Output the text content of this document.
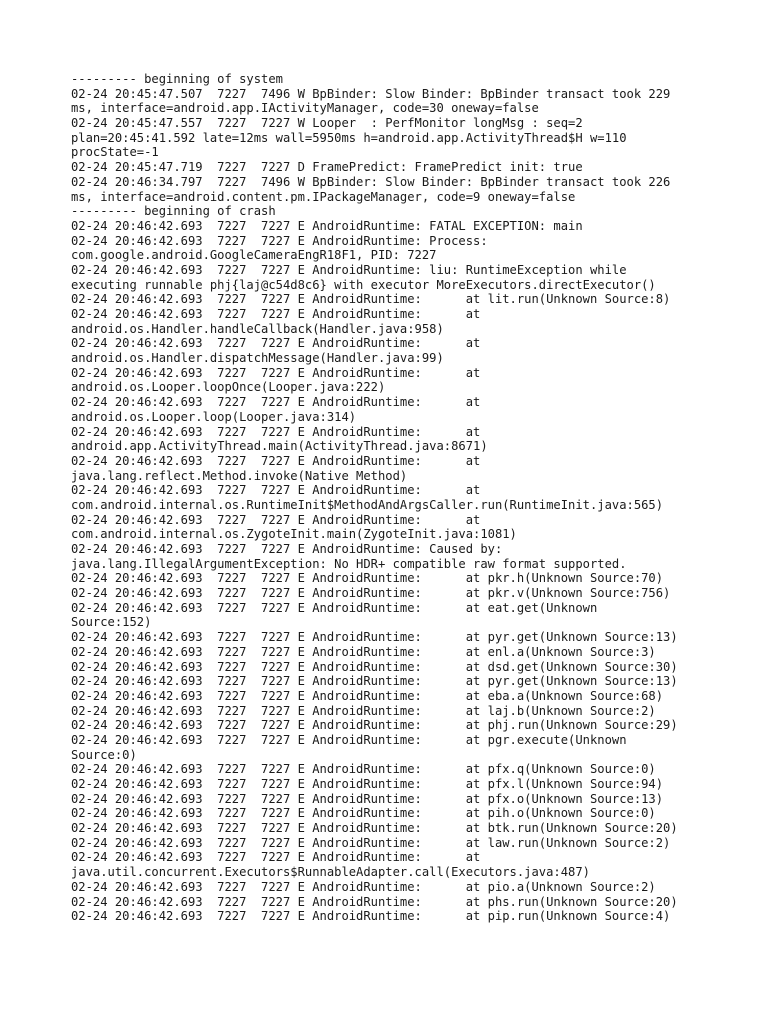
--------- beginning of system
02-24 20:45:47.507  7227  7496 W BpBinder: Slow Binder: BpBinder transact took 229
ms, interface=android.app.IActivityManager, code=30 oneway=false
02-24 20:45:47.557  7227  7227 W Looper  : PerfMonitor longMsg : seq=2
plan=20:45:41.592 late=12ms wall=5950ms h=android.app.ActivityThread$H w=110
procState=-1
02-24 20:45:47.719  7227  7227 D FramePredict: FramePredict init: true
02-24 20:46:34.797  7227  7496 W BpBinder: Slow Binder: BpBinder transact took 226
ms, interface=android.content.pm.IPackageManager, code=9 oneway=false
--------- beginning of crash
02-24 20:46:42.693  7227  7227 E AndroidRuntime: FATAL EXCEPTION: main
02-24 20:46:42.693  7227  7227 E AndroidRuntime: Process:
com.google.android.GoogleCameraEngR18F1, PID: 7227
02-24 20:46:42.693  7227  7227 E AndroidRuntime: liu: RuntimeException while
executing runnable phj{laj@c54d8c6} with executor MoreExecutors.directExecutor()
02-24 20:46:42.693  7227  7227 E AndroidRuntime:      at lit.run(Unknown Source:8)
02-24 20:46:42.693  7227  7227 E AndroidRuntime:      at
android.os.Handler.handleCallback(Handler.java:958)
02-24 20:46:42.693  7227  7227 E AndroidRuntime:      at
android.os.Handler.dispatchMessage(Handler.java:99)
02-24 20:46:42.693  7227  7227 E AndroidRuntime:      at
android.os.Looper.loopOnce(Looper.java:222)
02-24 20:46:42.693  7227  7227 E AndroidRuntime:      at
android.os.Looper.loop(Looper.java:314)
02-24 20:46:42.693  7227  7227 E AndroidRuntime:      at
android.app.ActivityThread.main(ActivityThread.java:8671)
02-24 20:46:42.693  7227  7227 E AndroidRuntime:      at
java.lang.reflect.Method.invoke(Native Method)
02-24 20:46:42.693  7227  7227 E AndroidRuntime:      at
com.android.internal.os.RuntimeInit$MethodAndArgsCaller.run(RuntimeInit.java:565)
02-24 20:46:42.693  7227  7227 E AndroidRuntime:      at
com.android.internal.os.ZygoteInit.main(ZygoteInit.java:1081)
02-24 20:46:42.693  7227  7227 E AndroidRuntime: Caused by:
java.lang.IllegalArgumentException: No HDR+ compatible raw format supported.
02-24 20:46:42.693  7227  7227 E AndroidRuntime:      at pkr.h(Unknown Source:70)
02-24 20:46:42.693  7227  7227 E AndroidRuntime:      at pkr.v(Unknown Source:756)
02-24 20:46:42.693  7227  7227 E AndroidRuntime:      at eat.get(Unknown
Source:152)
02-24 20:46:42.693  7227  7227 E AndroidRuntime:      at pyr.get(Unknown Source:13)
02-24 20:46:42.693  7227  7227 E AndroidRuntime:      at enl.a(Unknown Source:3)
02-24 20:46:42.693  7227  7227 E AndroidRuntime:      at dsd.get(Unknown Source:30)
02-24 20:46:42.693  7227  7227 E AndroidRuntime:      at pyr.get(Unknown Source:13)
02-24 20:46:42.693  7227  7227 E AndroidRuntime:      at eba.a(Unknown Source:68)
02-24 20:46:42.693  7227  7227 E AndroidRuntime:      at laj.b(Unknown Source:2)
02-24 20:46:42.693  7227  7227 E AndroidRuntime:      at phj.run(Unknown Source:29)
02-24 20:46:42.693  7227  7227 E AndroidRuntime:      at pgr.execute(Unknown
Source:0)
02-24 20:46:42.693  7227  7227 E AndroidRuntime:      at pfx.q(Unknown Source:0)
02-24 20:46:42.693  7227  7227 E AndroidRuntime:      at pfx.l(Unknown Source:94)
02-24 20:46:42.693  7227  7227 E AndroidRuntime:      at pfx.o(Unknown Source:13)
02-24 20:46:42.693  7227  7227 E AndroidRuntime:      at pih.o(Unknown Source:0)
02-24 20:46:42.693  7227  7227 E AndroidRuntime:      at btk.run(Unknown Source:20)
02-24 20:46:42.693  7227  7227 E AndroidRuntime:      at law.run(Unknown Source:2)
02-24 20:46:42.693  7227  7227 E AndroidRuntime:      at
java.util.concurrent.Executors$RunnableAdapter.call(Executors.java:487)
02-24 20:46:42.693  7227  7227 E AndroidRuntime:      at pio.a(Unknown Source:2)
02-24 20:46:42.693  7227  7227 E AndroidRuntime:      at phs.run(Unknown Source:20)
02-24 20:46:42.693  7227  7227 E AndroidRuntime:      at pip.run(Unknown Source:4)
